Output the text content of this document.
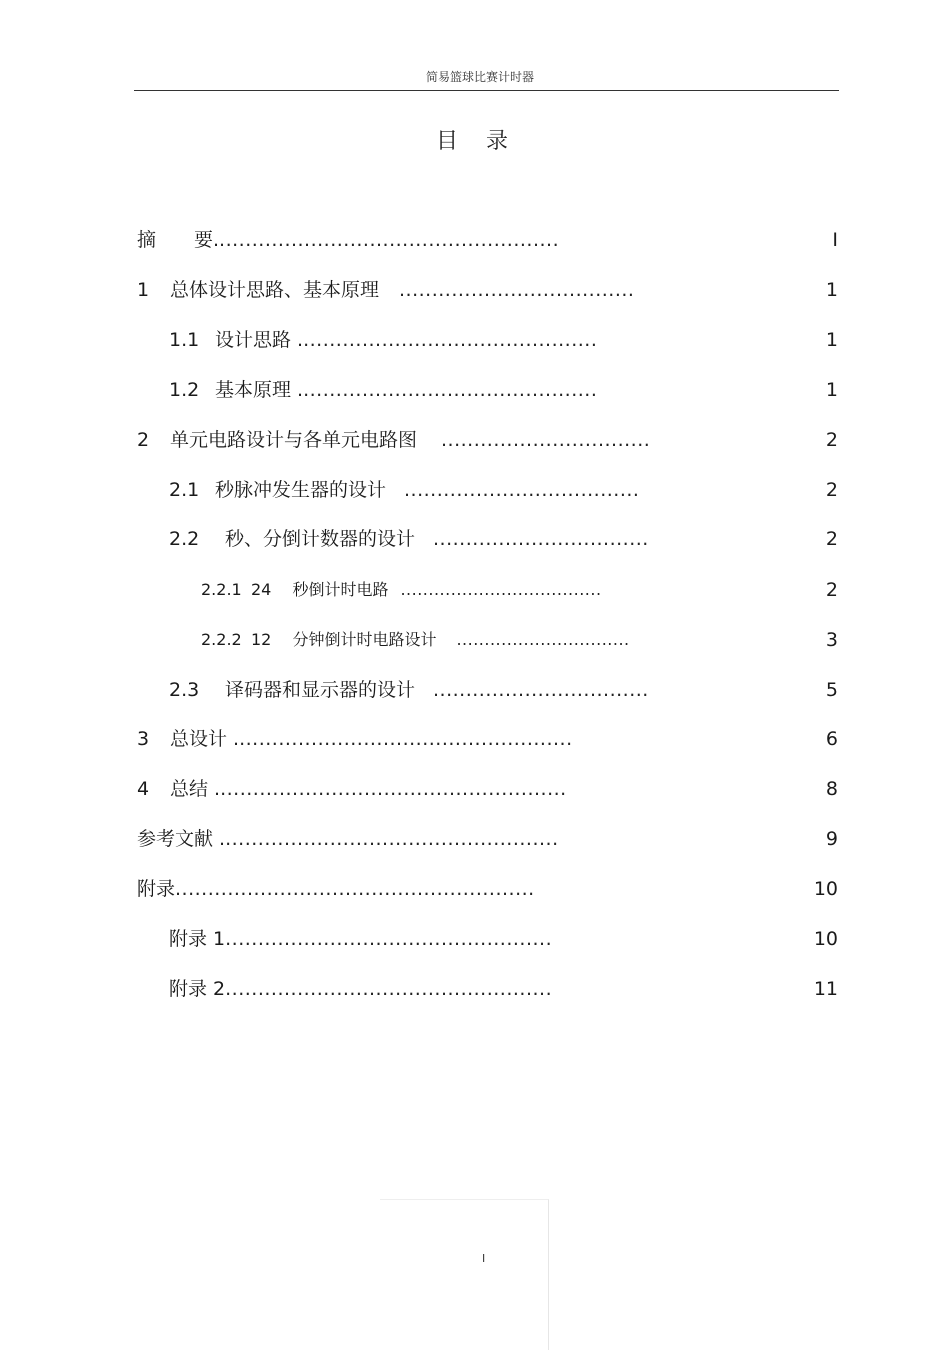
简易篮球比赛计时器
目录
摘　　要.....................................................	I
1 总体设计思路、基本原理 ....................................	1
1.1 设计思路 ..............................................	1
1.2 基本原理 ..............................................	1
2 单元电路设计与各单元电路图 ................................	2
2.1 秒脉冲发生器的设计 ....................................	2
2.2 秒、分倒计数器的设计 .................................	2
2.2.1 24　 秒倒计时电路 ....................................	2
2.2.2 12　 分钟倒计时电路设计 ...............................	3
2.3 译码器和显示器的设计 .................................	5
3 总设计 ....................................................	6
4 总结 ......................................................	8
参考文献 ....................................................	9
附录.......................................................	10
附录 1..................................................	10
附录 2..................................................	11
I
